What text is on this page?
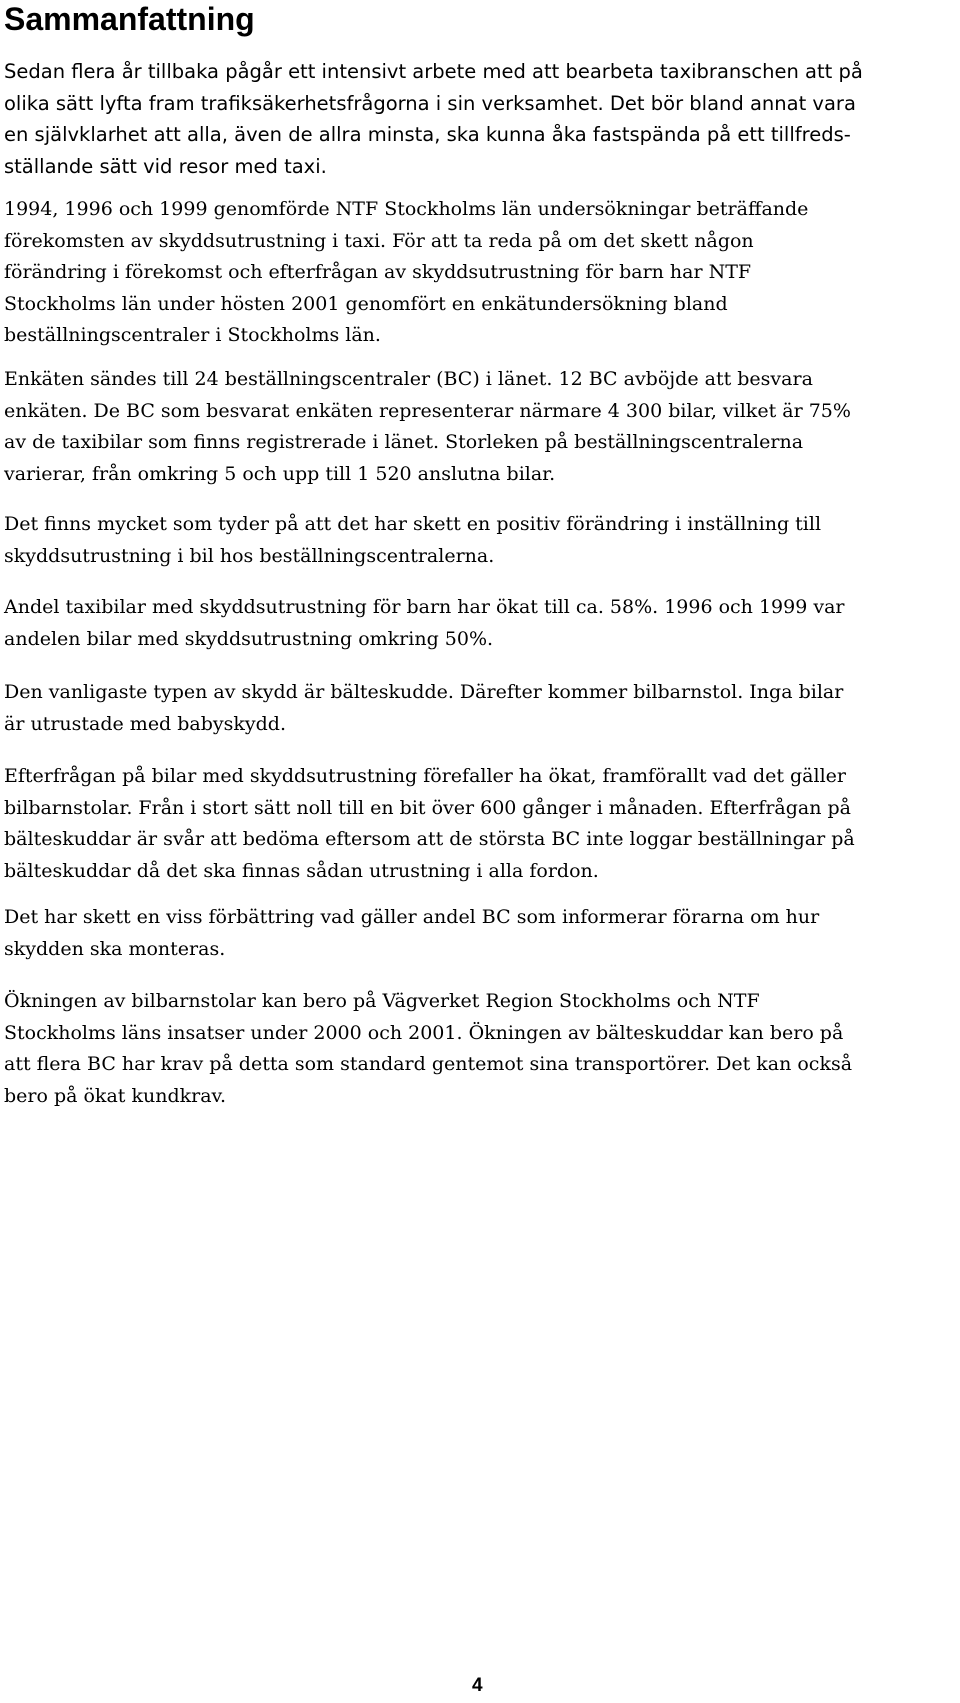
Sammanfattning

Sedan flera år tillbaka pågår ett intensivt arbete med att bearbeta taxibranschen att på
olika sätt lyfta fram trafiksäkerhetsfrågorna i sin verksamhet. Det bör bland annat vara
en självklarhet att alla, även de allra minsta, ska kunna åka fastspända på ett tillfreds-
ställande sätt vid resor med taxi.

1994, 1996 och 1999 genomförde NTF Stockholms län undersökningar beträffande
förekomsten av skyddsutrustning i taxi. För att ta reda på om det skett någon
förändring i förekomst och efterfrågan av skyddsutrustning för barn har NTF
Stockholms län under hösten 2001 genomfört en enkätundersökning bland
beställningscentraler i Stockholms län.

Enkäten sändes till 24 beställningscentraler (BC) i länet. 12 BC avböjde att besvara
enkäten. De BC som besvarat enkäten representerar närmare 4 300 bilar, vilket är 75%
av de taxibilar som finns registrerade i länet. Storleken på beställningscentralerna
varierar, från omkring 5 och upp till 1 520 anslutna bilar.

Det finns mycket som tyder på att det har skett en positiv förändring i inställning till
skyddsutrustning i bil hos beställningscentralerna.

Andel taxibilar med skyddsutrustning för barn har ökat till ca. 58%. 1996 och 1999 var
andelen bilar med skyddsutrustning omkring 50%.

Den vanligaste typen av skydd är bälteskudde. Därefter kommer bilbarnstol. Inga bilar
är utrustade med babyskydd.

Efterfrågan på bilar med skyddsutrustning förefaller ha ökat, framförallt vad det gäller
bilbarnstolar. Från i stort sätt noll till en bit över 600 gånger i månaden. Efterfrågan på
bälteskuddar är svår att bedöma eftersom att de största BC inte loggar beställningar på
bälteskuddar då det ska finnas sådan utrustning i alla fordon.

Det har skett en viss förbättring vad gäller andel BC som informerar förarna om hur
skydden ska monteras.

Ökningen av bilbarnstolar kan bero på Vägverket Region Stockholms och NTF
Stockholms läns insatser under 2000 och 2001. Ökningen av bälteskuddar kan bero på
att flera BC har krav på detta som standard gentemot sina transportörer. Det kan också
bero på ökat kundkrav.

4
